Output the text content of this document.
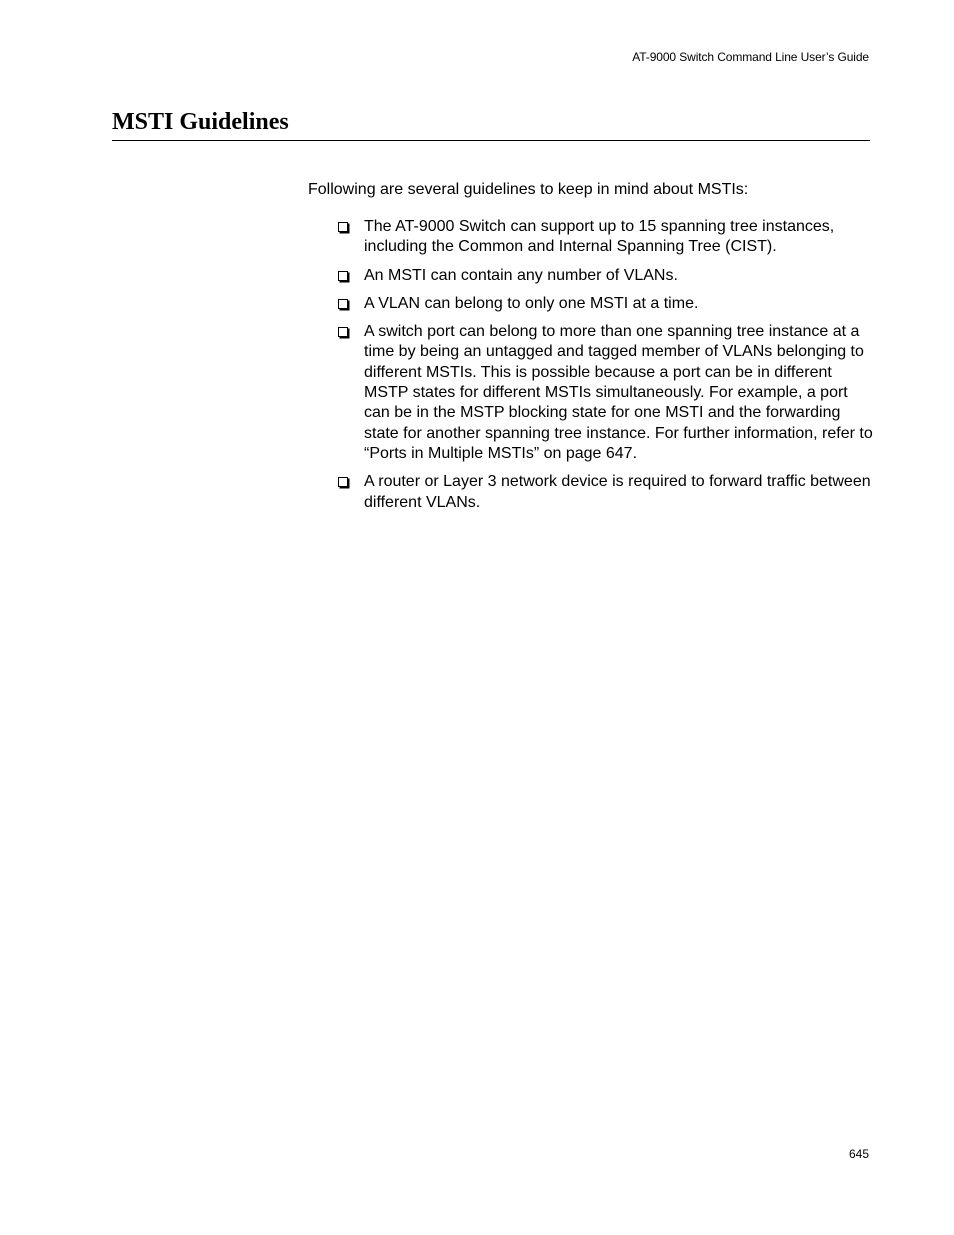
AT-9000 Switch Command Line User’s Guide
MSTI Guidelines

Following are several guidelines to keep in mind about MSTIs:

The AT-9000 Switch can support up to 15 spanning tree instances, including the Common and Internal Spanning Tree (CIST).
An MSTI can contain any number of VLANs.
A VLAN can belong to only one MSTI at a time.
A switch port can belong to more than one spanning tree instance at a time by being an untagged and tagged member of VLANs belonging to different MSTIs. This is possible because a port can be in different MSTP states for different MSTIs simultaneously. For example, a port can be in the MSTP blocking state for one MSTI and the forwarding state for another spanning tree instance. For further information, refer to “Ports in Multiple MSTIs” on page 647.
A router or Layer 3 network device is required to forward traffic between different VLANs.
645
